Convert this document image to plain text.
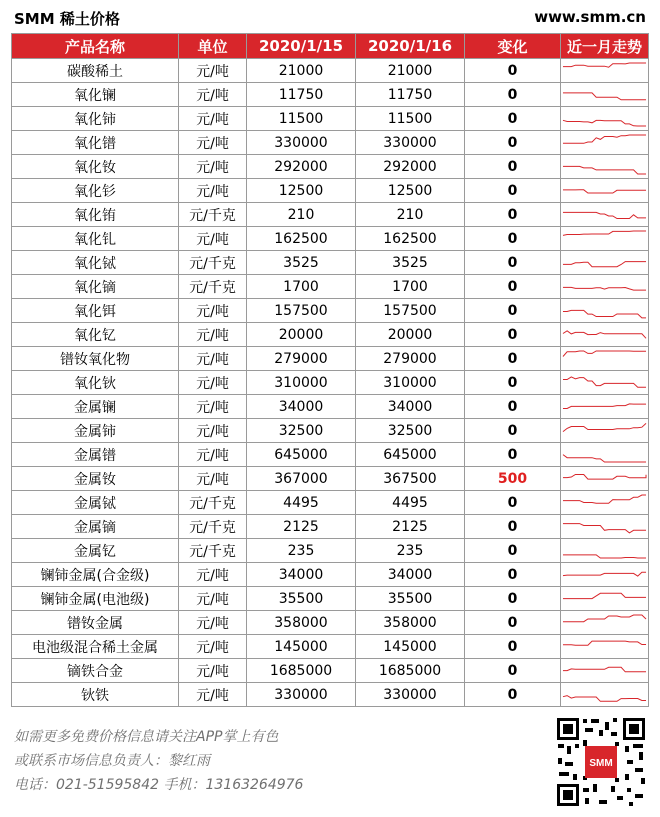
SMM 稀土价格	www.smm.cn
产品名称	单位	2020/1/15	2020/1/16	变化	近一月走势
碳酸稀土	元/吨	21000	21000	0	

氧化镧	元/吨	11750	11750	0	

氧化铈	元/吨	11500	11500	0	

氧化镨	元/吨	330000	330000	0	

氧化钕	元/吨	292000	292000	0	

氧化钐	元/吨	12500	12500	0	

氧化铕	元/千克	210	210	0	

氧化钆	元/吨	162500	162500	0	

氧化铽	元/千克	3525	3525	0	

氧化镝	元/千克	1700	1700	0	

氧化铒	元/吨	157500	157500	0	

氧化钇	元/吨	20000	20000	0	

镨钕氧化物	元/吨	279000	279000	0	

氧化钬	元/吨	310000	310000	0	

金属镧	元/吨	34000	34000	0	

金属铈	元/吨	32500	32500	0	

金属镨	元/吨	645000	645000	0	

金属钕	元/吨	367000	367500	500	

金属铽	元/千克	4495	4495	0	

金属镝	元/千克	2125	2125	0	

金属钇	元/千克	235	235	0	

镧铈金属(合金级)	元/吨	34000	34000	0	

镧铈金属(电池级)	元/吨	35500	35500	0	

镨钕金属	元/吨	358000	358000	0	

电池级混合稀土金属	元/吨	145000	145000	0	

镝铁合金	元/吨	1685000	1685000	0	

钬铁	元/吨	330000	330000	0	
如需更多免费价格信息请关注APP掌上有色
或联系市场信息负责人：黎红雨
电话：021-51595842 手机：13163264976
SMM
